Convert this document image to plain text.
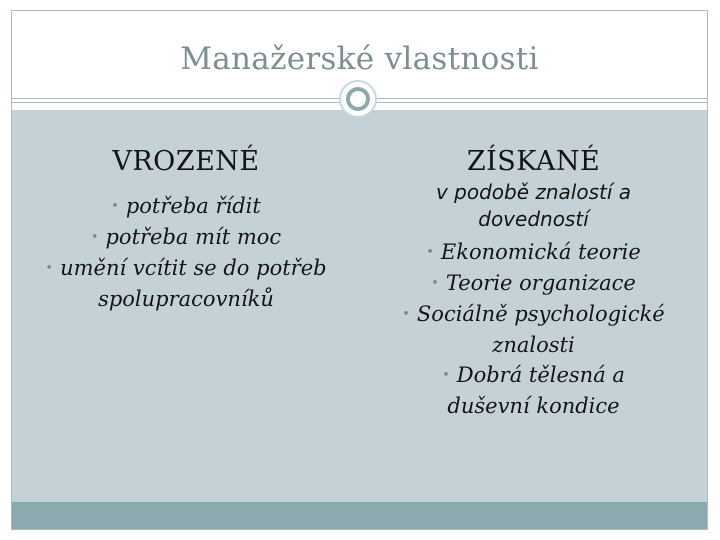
Manažerské vlastnosti
VROZENÉ
• potřeba řídit
• potřeba mít moc
• umění vcítit se do potřeb
spolupracovníků
ZÍSKANÉ
v podobě znalostí a
dovedností
• Ekonomická teorie
• Teorie organizace
• Sociálně psychologické
znalosti
• Dobrá tělesná a
duševní kondice
